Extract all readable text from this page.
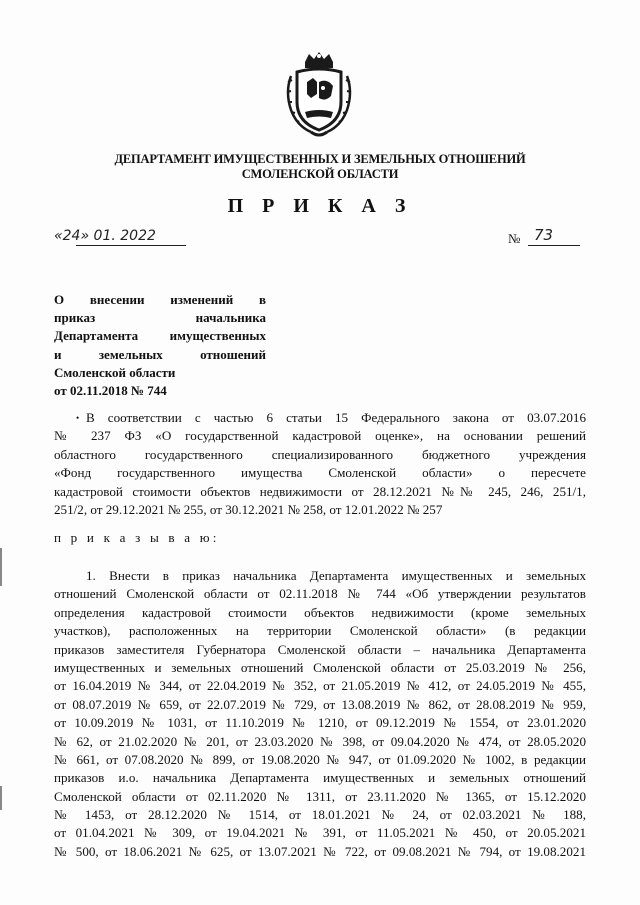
ДЕПАРТАМЕНТ ИМУЩЕСТВЕННЫХ И ЗЕМЕЛЬНЫХ ОТНОШЕНИЙ
СМОЛЕНСКОЙ ОБЛАСТИ
П Р И К А З
«24» 01. 2022	№ 73
О внесении изменений в
приказ начальника
Департамента имущественных
и земельных отношений
Смоленской области
от 02.11.2018 № 744
• В соответствии с частью 6 статьи 15 Федерального закона от 03.07.2016
№ 237 ФЗ «О государственной кадастровой оценке», на основании решений
областного государственного специализированного бюджетного учреждения
«Фонд государственного имущества Смоленской области» о пересчете
кадастровой стоимости объектов недвижимости от 28.12.2021 №№ 245, 246, 251/1,
251/2, от 29.12.2021 № 255, от 30.12.2021 № 258, от 12.01.2022 № 257
п р и к а з ы в а ю:
1. Внести в приказ начальника Департамента имущественных и земельных
отношений Смоленской области от 02.11.2018 № 744 «Об утверждении результатов
определения кадастровой стоимости объектов недвижимости (кроме земельных
участков), расположенных на территории Смоленской области» (в редакции
приказов заместителя Губернатора Смоленской области – начальника Департамента
имущественных и земельных отношений Смоленской области от 25.03.2019 № 256,
от 16.04.2019 № 344, от 22.04.2019 № 352, от 21.05.2019 № 412, от 24.05.2019 № 455,
от 08.07.2019 № 659, от 22.07.2019 № 729, от 13.08.2019 № 862, от 28.08.2019 № 959,
от 10.09.2019 № 1031, от 11.10.2019 № 1210, от 09.12.2019 № 1554, от 23.01.2020
№ 62, от 21.02.2020 № 201, от 23.03.2020 № 398, от 09.04.2020 № 474, от 28.05.2020
№ 661, от 07.08.2020 № 899, от 19.08.2020 № 947, от 01.09.2020 № 1002, в редакции
приказов и.о. начальника Департамента имущественных и земельных отношений
Смоленской области от 02.11.2020 № 1311, от 23.11.2020 № 1365, от 15.12.2020
№ 1453, от 28.12.2020 № 1514, от 18.01.2021 № 24, от 02.03.2021 № 188,
от 01.04.2021 № 309, от 19.04.2021 № 391, от 11.05.2021 № 450, от 20.05.2021
№ 500, от 18.06.2021 № 625, от 13.07.2021 № 722, от 09.08.2021 № 794, от 19.08.2021
